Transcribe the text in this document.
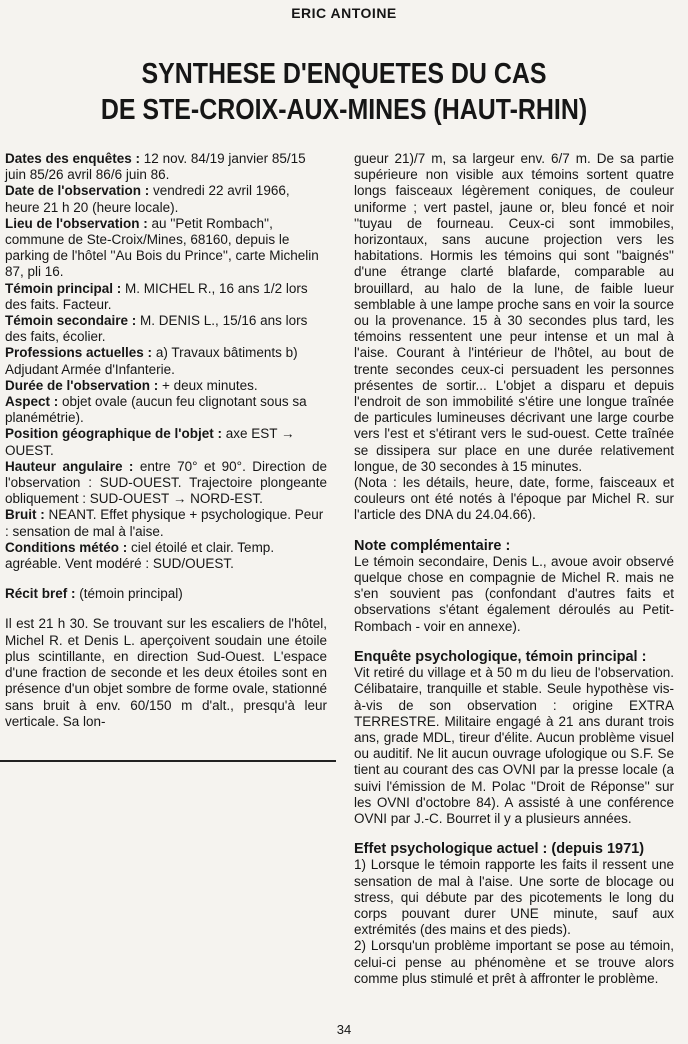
ERIC ANTOINE
SYNTHESE D'ENQUETES DU CAS
DE STE-CROIX-AUX-MINES (HAUT-RHIN)

Dates des enquêtes : 12 nov. 84/19 janvier 85/15 juin 85/26 avril 86/6 juin 86.

Date de l'observation : vendredi 22 avril 1966, heure 21 h 20 (heure locale).

Lieu de l'observation : au ''Petit Rombach'', commune de Ste-Croix/Mines, 68160, depuis le parking de l'hôtel ''Au Bois du Prince'', carte Michelin 87, pli 16.

Témoin principal : M. MICHEL R., 16 ans 1/2 lors des faits. Facteur.

Témoin secondaire : M. DENIS L., 15/16 ans lors des faits, écolier.

Professions actuelles : a) Travaux bâtiments b) Adjudant Armée d'Infanterie.

Durée de l'observation : + deux minutes.

Aspect : objet ovale (aucun feu clignotant sous sa planémétrie).

Position géographique de l'objet : axe EST → OUEST.

Hauteur angulaire : entre 70° et 90°. Direction de l'observation : SUD-OUEST. Trajectoire plongeante obliquement : SUD-OUEST → NORD-EST.

Bruit : NEANT. Effet physique + psychologique. Peur : sensation de mal à l'aise.

Conditions météo : ciel étoilé et clair. Temp. agréable. Vent modéré : SUD/OUEST.

Récit bref : (témoin principal)

Il est 21 h 30. Se trouvant sur les escaliers de l'hôtel, Michel R. et Denis L. aperçoivent soudain une étoile plus scintillante, en direction Sud-Ouest. L'espace d'une fraction de seconde et les deux étoiles sont en présence d'un objet sombre de forme ovale, stationné sans bruit à env. 60/150 m d'alt., presqu'à leur verticale. Sa lon-

gueur 21)/7 m, sa largeur env. 6/7 m. De sa partie supérieure non visible aux témoins sortent quatre longs faisceaux légèrement coniques, de couleur uniforme ; vert pastel, jaune or, bleu foncé et noir ''tuyau de fourneau. Ceux-ci sont immobiles, horizontaux, sans aucune projection vers les habitations. Hormis les témoins qui sont ''baignés'' d'une étrange clarté blafarde, comparable au brouillard, au halo de la lune, de faible lueur semblable à une lampe proche sans en voir la source ou la provenance. 15 à 30 secondes plus tard, les témoins ressentent une peur intense et un mal à l'aise. Courant à l'intérieur de l'hôtel, au bout de trente secondes ceux-ci persuadent les personnes présentes de sortir... L'objet a disparu et depuis l'endroit de son immobilité s'étire une longue traînée de particules lumineuses décrivant une large courbe vers l'est et s'étirant vers le sud-ouest. Cette traînée se dissipera sur place en une durée relativement longue, de 30 secondes à 15 minutes.

(Nota : les détails, heure, date, forme, faisceaux et couleurs ont été notés à l'époque par Michel R. sur l'article des DNA du 24.04.66).

Note complémentaire :

Le témoin secondaire, Denis L., avoue avoir observé quelque chose en compagnie de Michel R. mais ne s'en souvient pas (confondant d'autres faits et observations s'étant également déroulés au Petit-Rombach - voir en annexe).

Enquête psychologique, témoin principal :

Vit retiré du village et à 50 m du lieu de l'observation. Célibataire, tranquille et stable. Seule hypothèse vis-à-vis de son observation : origine EXTRA TERRESTRE. Militaire engagé à 21 ans durant trois ans, grade MDL, tireur d'élite. Aucun problème visuel ou auditif. Ne lit aucun ouvrage ufologique ou S.F. Se tient au courant des cas OVNI par la presse locale (a suivi l'émission de M. Polac ''Droit de Réponse'' sur les OVNI d'octobre 84). A assisté à une conférence OVNI par J.-C. Bourret il y a plusieurs années.

Effet psychologique actuel : (depuis 1971)

1) Lorsque le témoin rapporte les faits il ressent une sensation de mal à l'aise. Une sorte de blocage ou stress, qui débute par des picotements le long du corps pouvant durer UNE minute, sauf aux extrémités (des mains et des pieds).

2) Lorsqu'un problème important se pose au témoin, celui-ci pense au phénomène et se trouve alors comme plus stimulé et prêt à affronter le problème.

34
